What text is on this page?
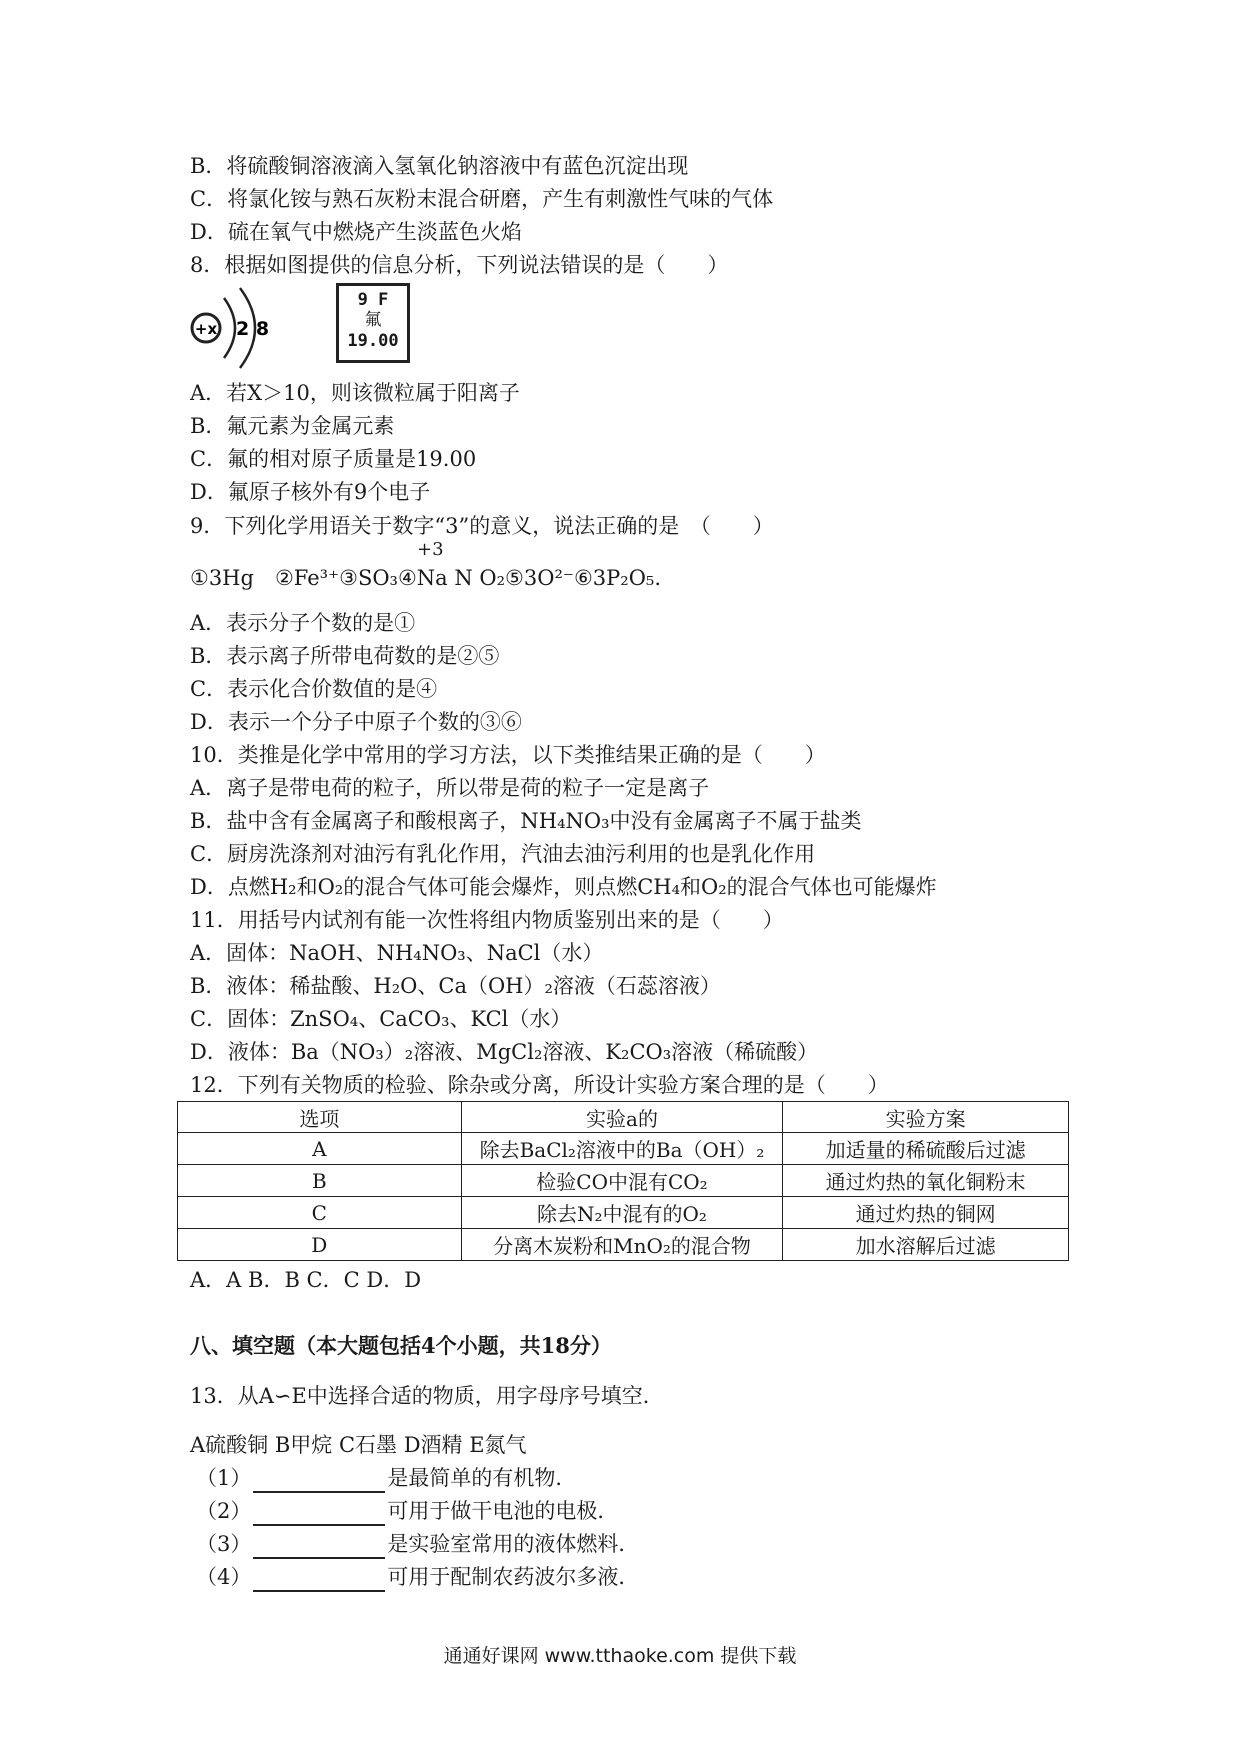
B．将硫酸铜溶液滴入氢氧化钠溶液中有蓝色沉淀出现
C．将氯化铵与熟石灰粉末混合研磨，产生有刺激性气味的气体
D．硫在氧气中燃烧产生淡蓝色火焰
8．根据如图提供的信息分析，下列说法错误的是（　　）
+x 2 8
9 F
氟
19.00
A．若X＞10，则该微粒属于阳离子
B．氟元素为金属元素
C．氟的相对原子质量是19.00
D．氟原子核外有9个电子
9．下列化学用语关于数字“3”的意义，说法正确的是　（　　）
+3
①3Hg　②Fe³⁺③SO₃④Na N O₂⑤3O²⁻⑥3P₂O₅.
A．表示分子个数的是①
B．表示离子所带电荷数的是②⑤
C．表示化合价数值的是④
D．表示一个分子中原子个数的③⑥
10．类推是化学中常用的学习方法，以下类推结果正确的是（　　）
A．离子是带电荷的粒子，所以带是荷的粒子一定是离子
B．盐中含有金属离子和酸根离子，NH₄NO₃中没有金属离子不属于盐类
C．厨房洗涤剂对油污有乳化作用，汽油去油污利用的也是乳化作用
D．点燃H₂和O₂的混合气体可能会爆炸，则点燃CH₄和O₂的混合气体也可能爆炸
11．用括号内试剂有能一次性将组内物质鉴别出来的是（　　）
A．固体：NaOH、NH₄NO₃、NaCl（水）
B．液体：稀盐酸、H₂O、Ca（OH）₂溶液（石蕊溶液）
C．固体：ZnSO₄、CaCO₃、KCl（水）
D．液体：Ba（NO₃）₂溶液、MgCl₂溶液、K₂CO₃溶液（稀硫酸）
12．下列有关物质的检验、除杂或分离，所设计实验方案合理的是（　　）
选项	实验a的	实验方案
A	除去BaCl₂溶液中的Ba（OH）₂	加适量的稀硫酸后过滤
B	检验CO中混有CO₂	通过灼热的氧化铜粉末
C	除去N₂中混有的O₂	通过灼热的铜网
D	分离木炭粉和MnO₂的混合物	加水溶解后过滤
A．A B．B C．C D．D
八、填空题（本大题包括4个小题，共18分）
13．从A∽E中选择合适的物质，用字母序号填空．
A硫酸铜 B甲烷 C石墨 D酒精 E氮气
（1）	是最简单的有机物．
（2）	可用于做干电池的电极．
（3）	是实验室常用的液体燃料．
（4）	可用于配制农药波尔多液．
通通好课网 www.tthaoke.com 提供下载
